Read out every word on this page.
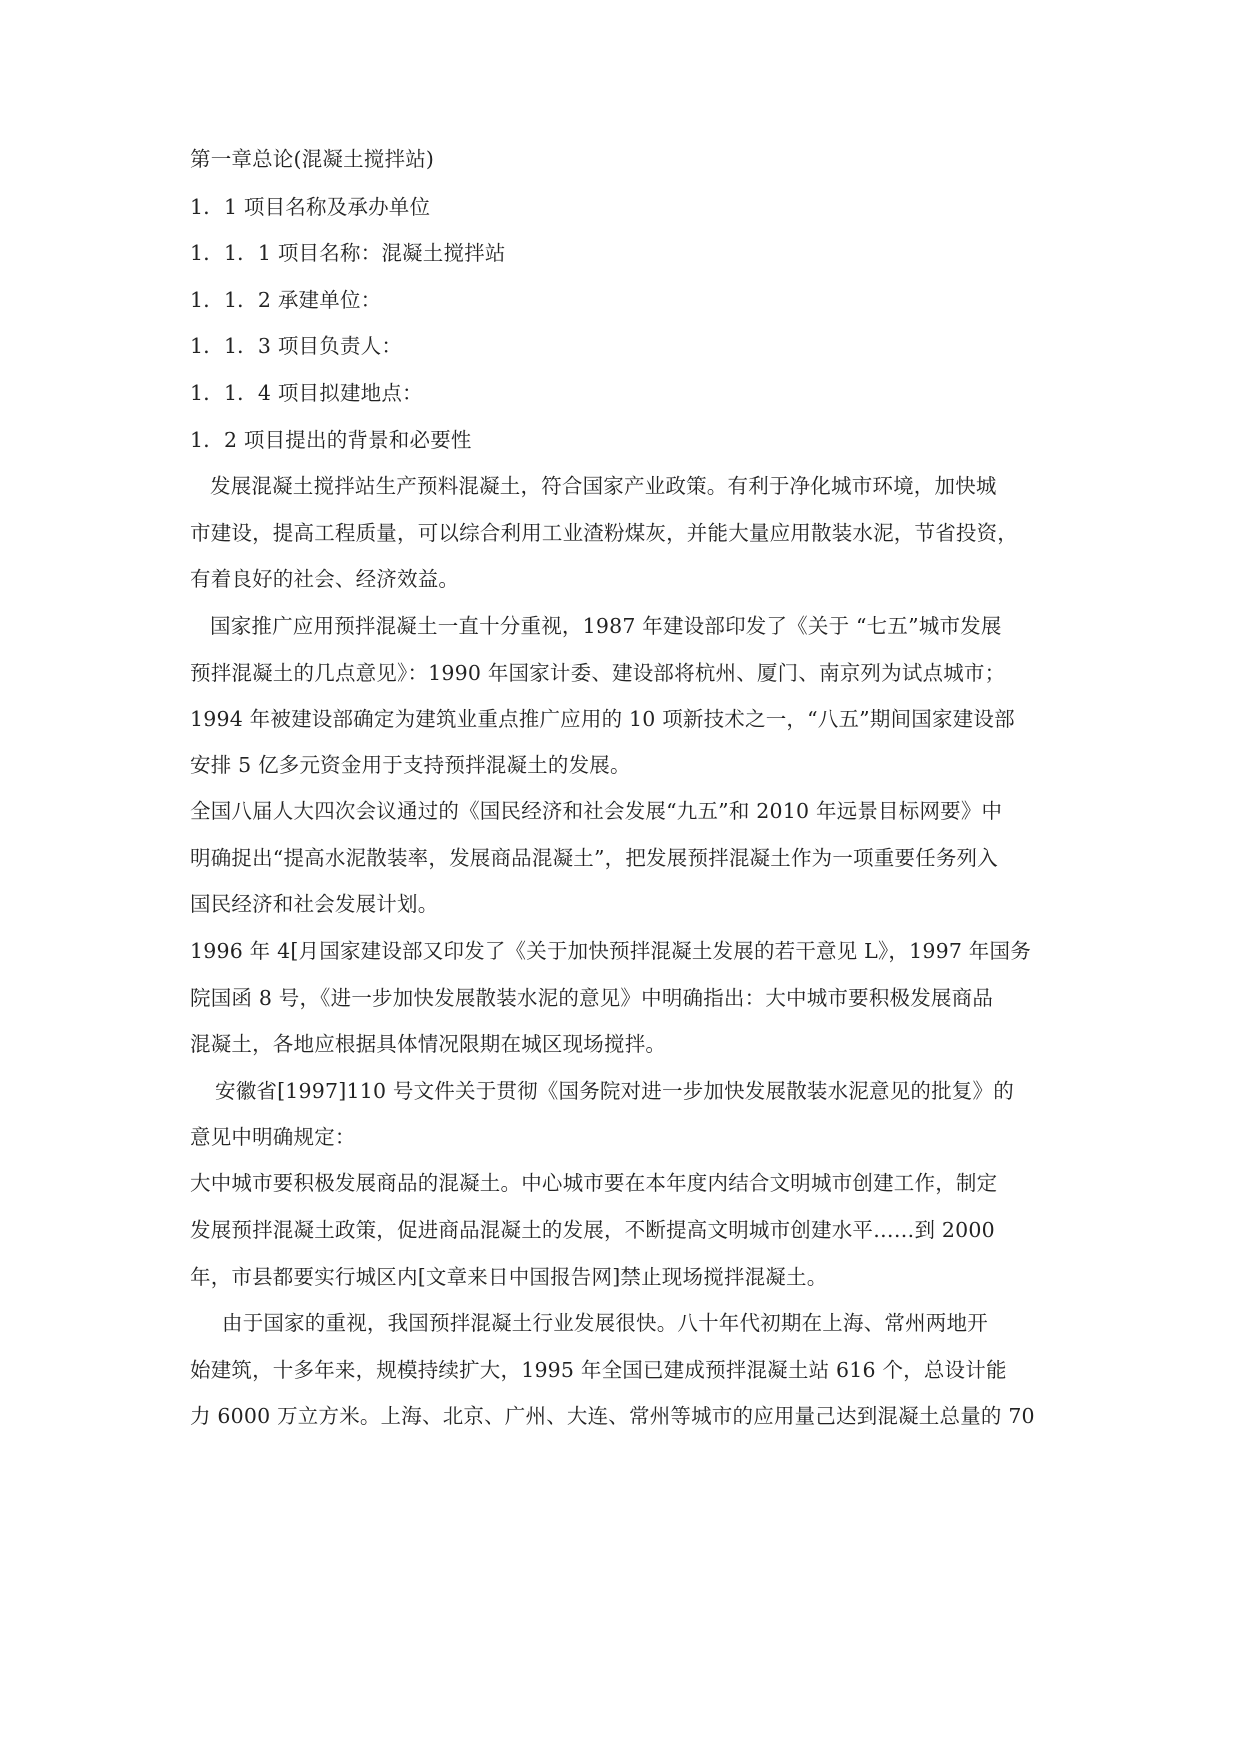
第一章总论(混凝土搅拌站)
1．1 项目名称及承办单位
1．1．1 项目名称：混凝土搅拌站
1．1．2 承建单位：
1．1．3 项目负责人：
1．1．4 项目拟建地点：
1．2 项目提出的背景和必要性
发展混凝土搅拌站生产预料混凝土，符合国家产业政策。有利于净化城市环境，加快城
市建设，提高工程质量，可以综合利用工业渣粉煤灰，并能大量应用散装水泥，节省投资，
有着良好的社会、经济效益。
国家推广应用预拌混凝土一直十分重视，1987 年建设部印发了《关于 “七五”城市发展
预拌混凝土的几点意见》：1990 年国家计委、建设部将杭州、厦门、南京列为试点城市；
1994 年被建设部确定为建筑业重点推广应用的 10 项新技术之一，“八五”期间国家建设部
安排 5 亿多元资金用于支持预拌混凝土的发展。
全国八届人大四次会议通过的《国民经济和社会发展“九五”和 2010 年远景目标网要》中
明确捉出“提高水泥散装率，发展商品混凝土”，把发展预拌混凝土作为一项重要任务列入
国民经济和社会发展计划。
1996 年 4[月国家建设部又印发了《关于加快预拌混凝土发展的若干意见 L》，1997 年国务
院国函 8 号，《进一步加快发展散装水泥的意见》中明确指出：大中城市要积极发展商品
混凝土，各地应根据具体情况限期在城区现场搅拌。
安徽省[1997]110 号文件关于贯彻《国务院对进一步加快发展散装水泥意见的批复》的
意见中明确规定：
大中城市要积极发展商品的混凝土。中心城市要在本年度内结合文明城市创建工作，制定
发展预拌混凝土政策，促进商品混凝土的发展，不断提高文明城市创建水平……到 2000
年，市县都要实行城区内[文章来日中国报告网]禁止现场搅拌混凝土。
由于国家的重视，我国预拌混凝土行业发展很快。八十年代初期在上海、常州两地开
始建筑，十多年来，规模持续扩大，1995 年全国已建成预拌混凝土站 616 个，总设计能
力 6000 万立方米。上海、北京、广州、大连、常州等城市的应用量己达到混凝土总量的 70
